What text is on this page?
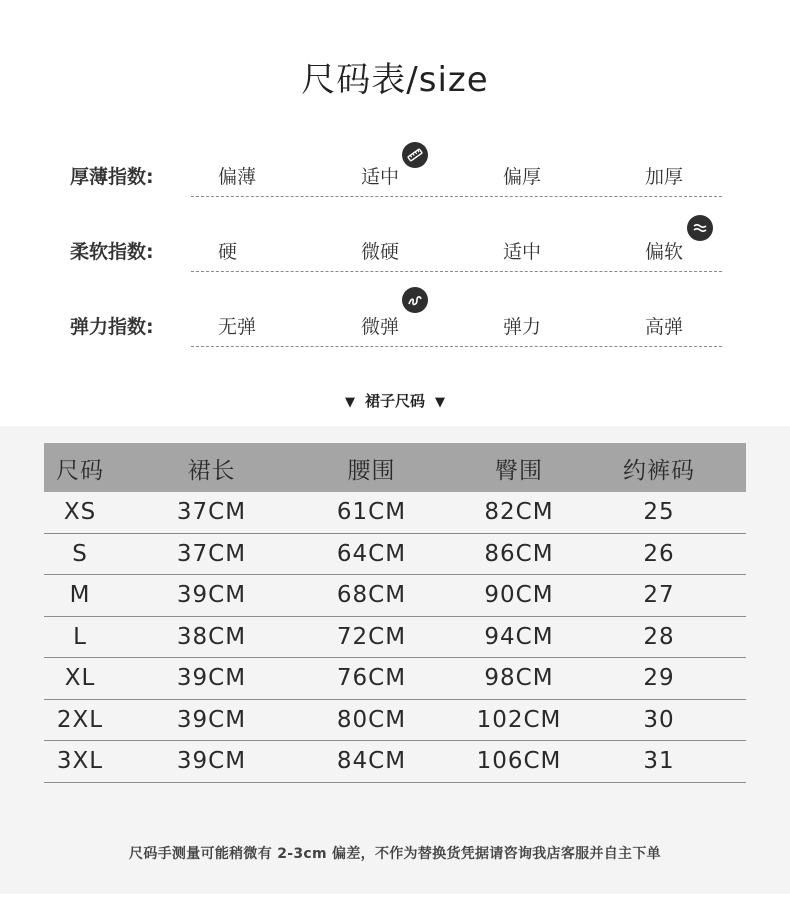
尺码表/size
厚薄指数:	偏薄	适中	偏厚	加厚
柔软指数:	硬	微硬	适中	偏软
弹力指数:	无弹	微弹	弹力	高弹
▼ 裙子尺码 ▼
尺码	裙长	腰围	臀围	约裤码
XS	37CM	61CM	82CM	25
S	37CM	64CM	86CM	26
M	39CM	68CM	90CM	27
L	38CM	72CM	94CM	28
XL	39CM	76CM	98CM	29
2XL	39CM	80CM	102CM	30
3XL	39CM	84CM	106CM	31
尺码手测量可能稍微有 2-3cm 偏差，不作为替换货凭据请咨询我店客服并自主下单
